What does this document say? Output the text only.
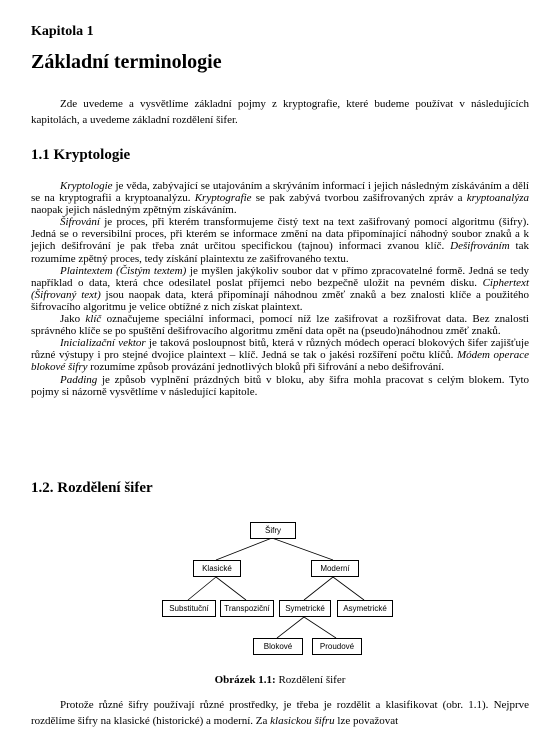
Kapitola 1
Základní terminologie

Zde uvedeme a vysvětlíme základní pojmy z kryptografie, které budeme používat v následujících kapitolách, a uvedeme základní rozdělení šifer.

1.1 Kryptologie

Kryptologie je věda, zabývající se utajováním a skrýváním informací i jejich následným získáváním a dělí se na kryptografii a kryptoanalýzu. Kryptografie se pak zabývá tvorbou zašifrovaných zpráv a kryptoanalýza naopak jejich následným zpětným získáváním.

Šifrování je proces, při kterém transformujeme čistý text na text zašifrovaný pomocí algoritmu (šifry). Jedná se o reversibilní proces, při kterém se informace změní na data připomínající náhodný soubor znaků a k jejich dešifrování je pak třeba znát určitou specifickou (tajnou) informaci zvanou klíč. Dešifrováním tak rozumíme zpětný proces, tedy získání plaintextu ze zašifrovaného textu.

Plaintextem (Čistým textem) je myšlen jakýkoliv soubor dat v přímo zpracovatelné formě. Jedná se tedy například o data, která chce odesilatel poslat příjemci nebo bezpečně uložit na pevném disku. Ciphertext (Šifrovaný text) jsou naopak data, která připomínají náhodnou změť znaků a bez znalosti klíče a použitého šifrovacího algoritmu je velice obtížné z nich získat plaintext.

Jako klíč označujeme speciální informaci, pomocí níž lze zašifrovat a rozšifrovat data. Bez znalosti správného klíče se po spuštění dešifrovacího algoritmu změní data opět na (pseudo)náhodnou změť znaků.

Inicializační vektor je taková posloupnost bitů, která v různých módech operací blokových šifer zajišťuje různé výstupy i pro stejné dvojice plaintext – klíč. Jedná se tak o jakési rozšíření počtu klíčů. Módem operace blokové šifry rozumíme způsob provázání jednotlivých bloků při šifrování a nebo dešifrování.

Padding je způsob vyplnění prázdných bitů v bloku, aby šifra mohla pracovat s celým blokem. Tyto pojmy si názorně vysvětlíme v následující kapitole.

1.2. Rozdělení šifer
Šifry
Klasické	Moderní
Substituční	Transpoziční	Symetrické	Asymetrické
Blokové	Proudové
Obrázek 1.1: Rozdělení šifer

Protože různé šifry používají různé prostředky, je třeba je rozdělit a klasifikovat (obr. 1.1). Nejprve rozdělíme šifry na klasické (historické) a moderní. Za klasickou šifru lze považovat
